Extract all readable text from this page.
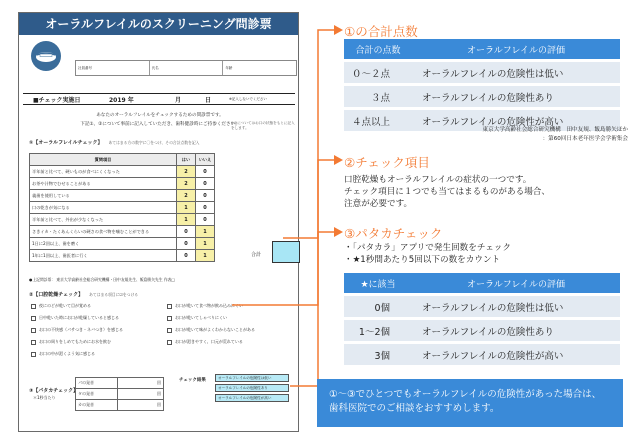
オーラルフレイルのスクリーニング問診票
社員番号	氏名	年齢
■チェック実施日	2019 年	月	日	※記入しないでください
あなたのオーラルフレイルをチェックするための問診票です。
下記①、②について事前に記入していただき、歯科健診時にご持参ください。
※③についてはお口の状態をもとに記入をします。
①【オーラルフレイルチェック】 あてはまる方の数字に〇をつけ、その合計点数を記入
質問項目	はい	いいえ
半年前と比べて、硬いものが食べにくくなった	2	0
お茶や汁物でむせることがある	2	0
義歯を使用している	2	0
口の乾きが気になる	1	0
半年前と比べて、外出が少なくなった	1	0
さきイカ・たくあんくらいの硬さの食べ物を噛むことができる	0	1
1日に2回以上、歯を磨く	0	1
1年に1回以上、歯医者に行く	0	1	合計
●上記問診票： 東京大学高齢社会総合研究機構・田中友規先生、飯島勝矢先生 作表□
②【口腔乾燥チェック】 あてはまる項目に☑をつける
夜にのどが乾いて目が覚める	お口が乾いて食べ物が飲み込みにくい
日中乾いた時にお口が乾燥していると感じる	お口が乾いてしゃべりにくい
お口の不快感（パサつき・ネバつき）を感じる	お口が乾いて味がよくわからないことがある
お口の周りをしめてもためにお水を飲む	お口が渇きやすく、口元が荒れている
お口の中が渇くよう気に感じる
③【パタカチェック】
＊1秒当たり
パの発音	回
タの発音	回
カの発音	回
チェック結果
オーラルフレイルの危険性は低い
オーラルフレイルの危険性あり
オーラルフレイルの危険性が高い
①の合計点数
合計の点数	オーラルフレイルの評価
０～２点	オーラルフレイルの危険性は低い
３点	オーラルフレイルの危険性あり
４点以上	オーラルフレイルの危険性が高い
東京大学高齢社会総合研究機構　田中友規、飯島勝矢ほか
：第60回日本老年医学会学術集会
②チェック項目
口腔乾燥もオーラルフレイルの症状の一つです。
チェック項目に１つでも当てはまるものがある場合、
注意が必要です。
③パタカチェック
・「パタカラ」アプリで発生回数をチェック
・★1秒間あたり5回以下の数をカウント
★に該当	オーラルフレイルの評価
0個	オーラルフレイルの危険性は低い
1～2個	オーラルフレイルの危険性あり
3個	オーラルフレイルの危険性が高い
①～③でひとつでもオーラルフレイルの危険性があった場合は、
歯科医院でのご相談をおすすめします。
